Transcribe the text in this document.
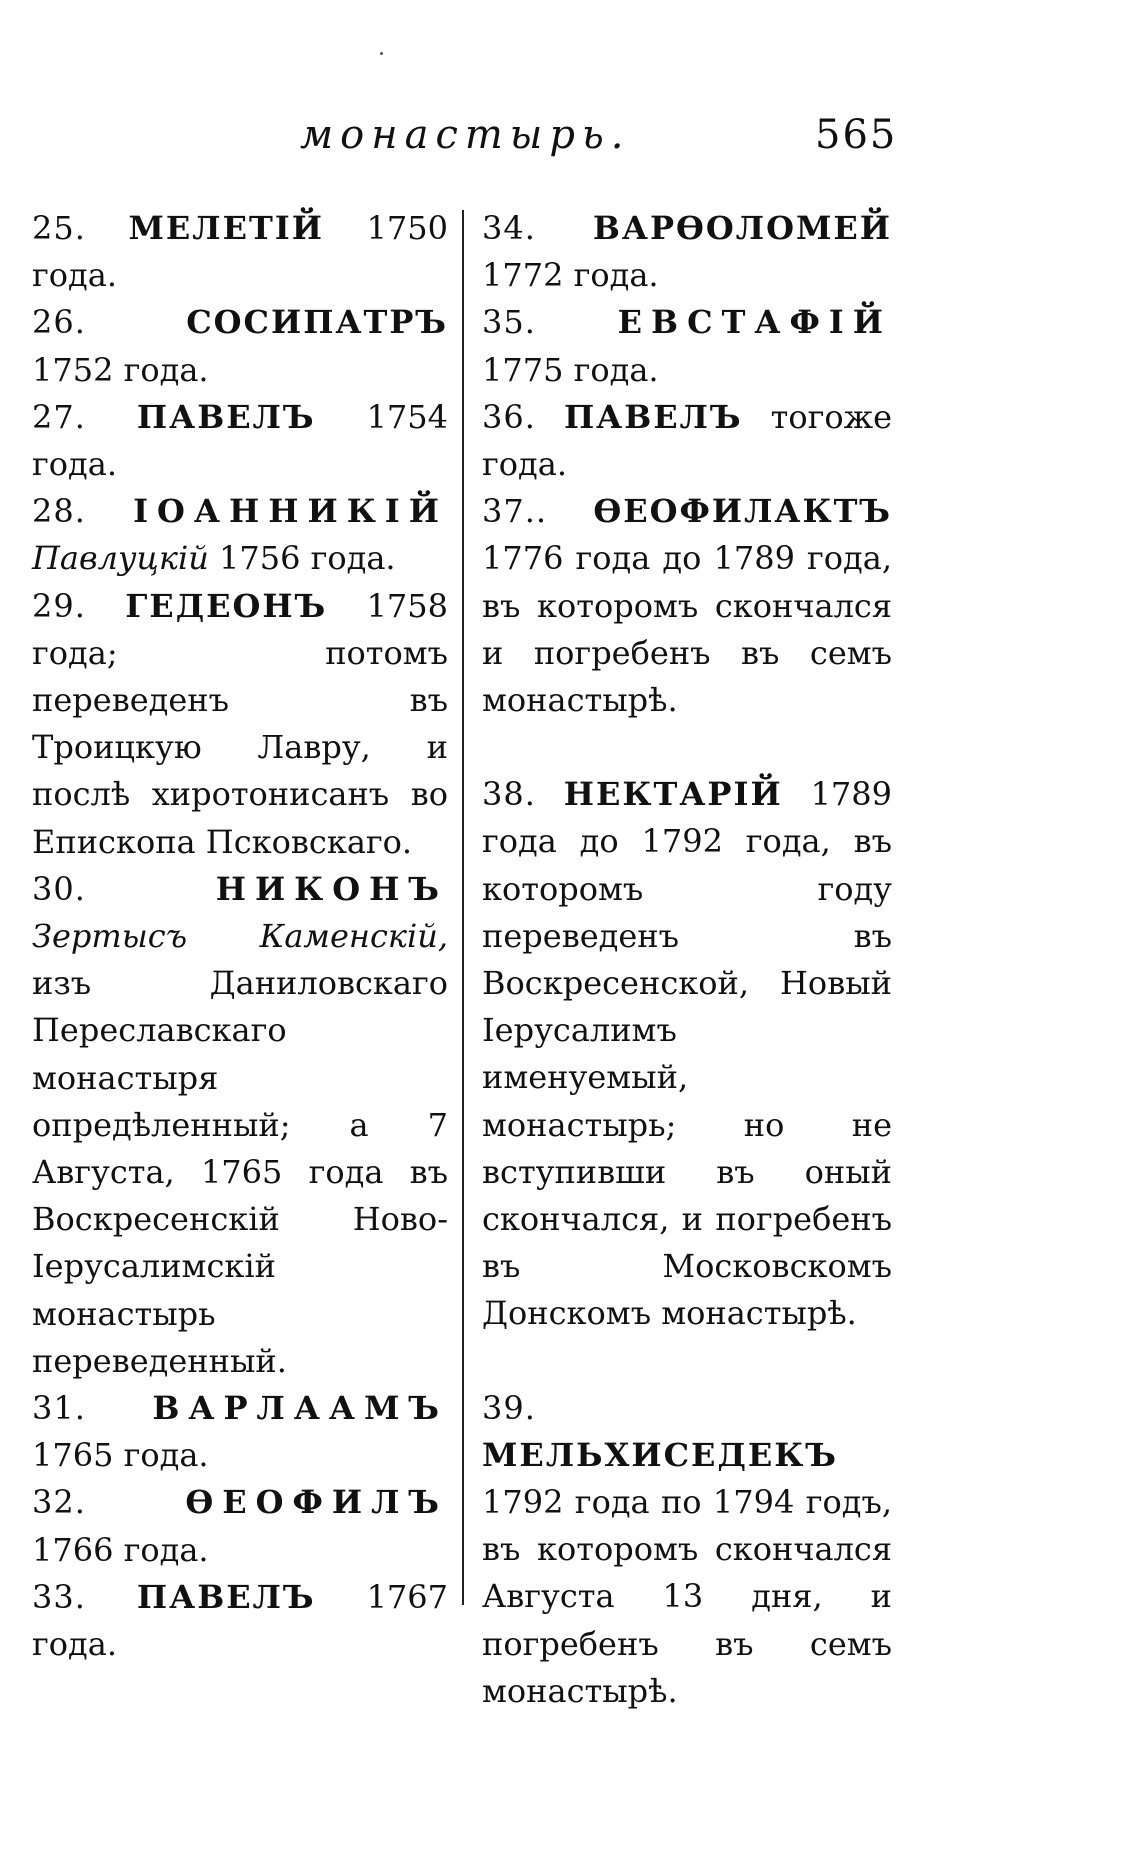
монастырь.	565

25. МЕЛЕТІЙ 1750 года.

26.	СОСИПАТРЪ 1752 года.

27. ПАВЕЛЪ 1754 года.

28. ІОАННИКІЙ Павлуцкій 1756 года.

29. ГЕДЕОНЪ 1758 года; потомъ переведенъ въ Троицкую Лавру, и послѣ хиротонисанъ во Епископа Псковскаго.

30.	НИКОНЪ Зертысъ Каменскій, изъ Даниловскаго Переславскаго монастыря опредѣленный; а 7 Августа, 1765 года въ Воскресенскій Ново-Іерусалимскій монастырь переведенный.

31. ВАРЛААМЪ 1765 года.

32.	ѲЕОФИЛЪ 1766 года.

33. ПАВЕЛЪ 1767 года.

34. ВАРѲОЛОМЕЙ 1772 года.

35.	ЕВСТАФІЙ 1775 года.

36. ПАВЕЛЪ тогоже года.

37.. ѲЕОФИЛАКТЪ 1776 года до 1789 года, въ которомъ скончался и погребенъ въ семъ монастырѣ.

38. НЕКТАРІЙ 1789 года до 1792 года, въ которомъ году переведенъ въ Воскресенской, Новый Іерусалимъ именуемый, монастырь; но не вступивши въ оный скончался, и погребенъ въ Московскомъ Донскомъ монастырѣ.

39. МЕЛЬХИСЕДЕКЪ 1792 года по 1794 годъ, въ которомъ скончался Августа 13 дня, и погребенъ въ семъ монастырѣ.
